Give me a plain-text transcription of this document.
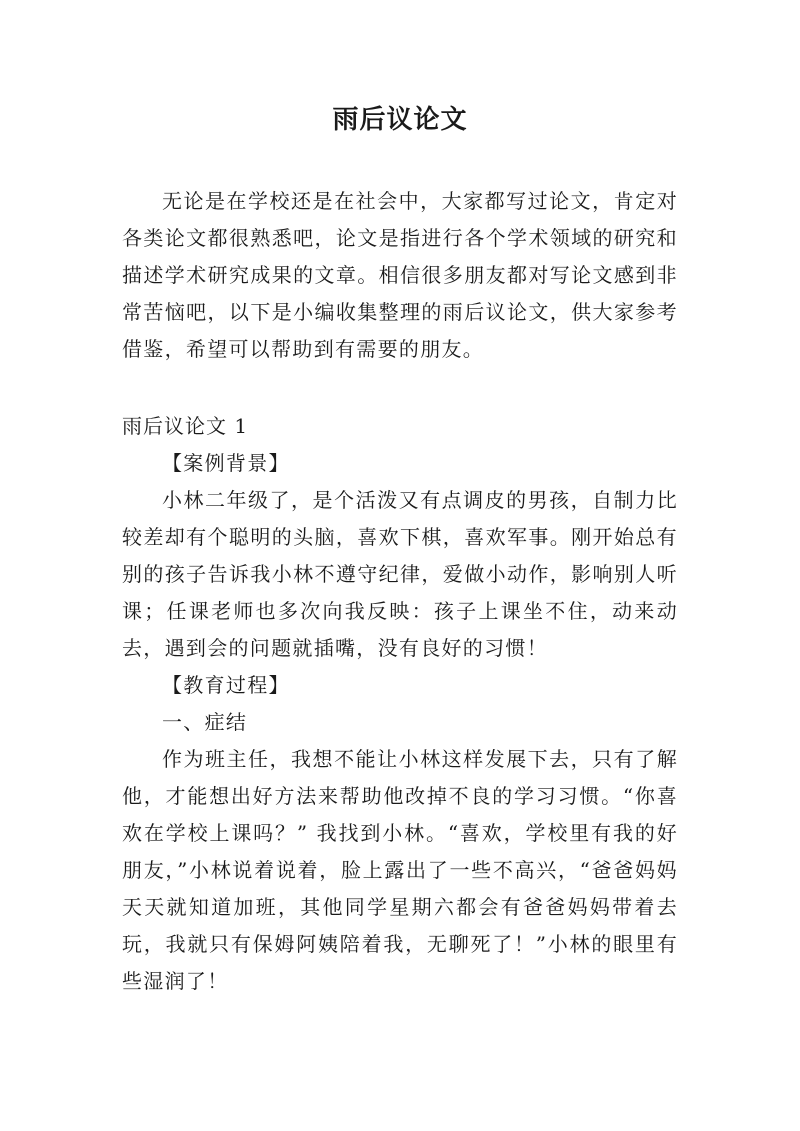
雨后议论文

无论是在学校还是在社会中，大家都写过论文，肯定对各类论文都很熟悉吧，论文是指进行各个学术领域的研究和描述学术研究成果的文章。相信很多朋友都对写论文感到非常苦恼吧，以下是小编收集整理的雨后议论文，供大家参考借鉴，希望可以帮助到有需要的朋友。

雨后议论文 1

【案例背景】

小林二年级了，是个活泼又有点调皮的男孩，自制力比较差却有个聪明的头脑，喜欢下棋，喜欢军事。刚开始总有别的孩子告诉我小林不遵守纪律，爱做小动作，影响别人听课；任课老师也多次向我反映：孩子上课坐不住，动来动去，遇到会的问题就插嘴，没有良好的习惯！

【教育过程】

一、症结

作为班主任，我想不能让小林这样发展下去，只有了解他，才能想出好方法来帮助他改掉不良的学习习惯。“你喜欢在学校上课吗？” 我找到小林。“喜欢，学校里有我的好朋友，”小林说着说着，脸上露出了一些不高兴，“爸爸妈妈天天就知道加班，其他同学星期六都会有爸爸妈妈带着去玩，我就只有保姆阿姨陪着我，无聊死了！”小林的眼里有些湿润了！
